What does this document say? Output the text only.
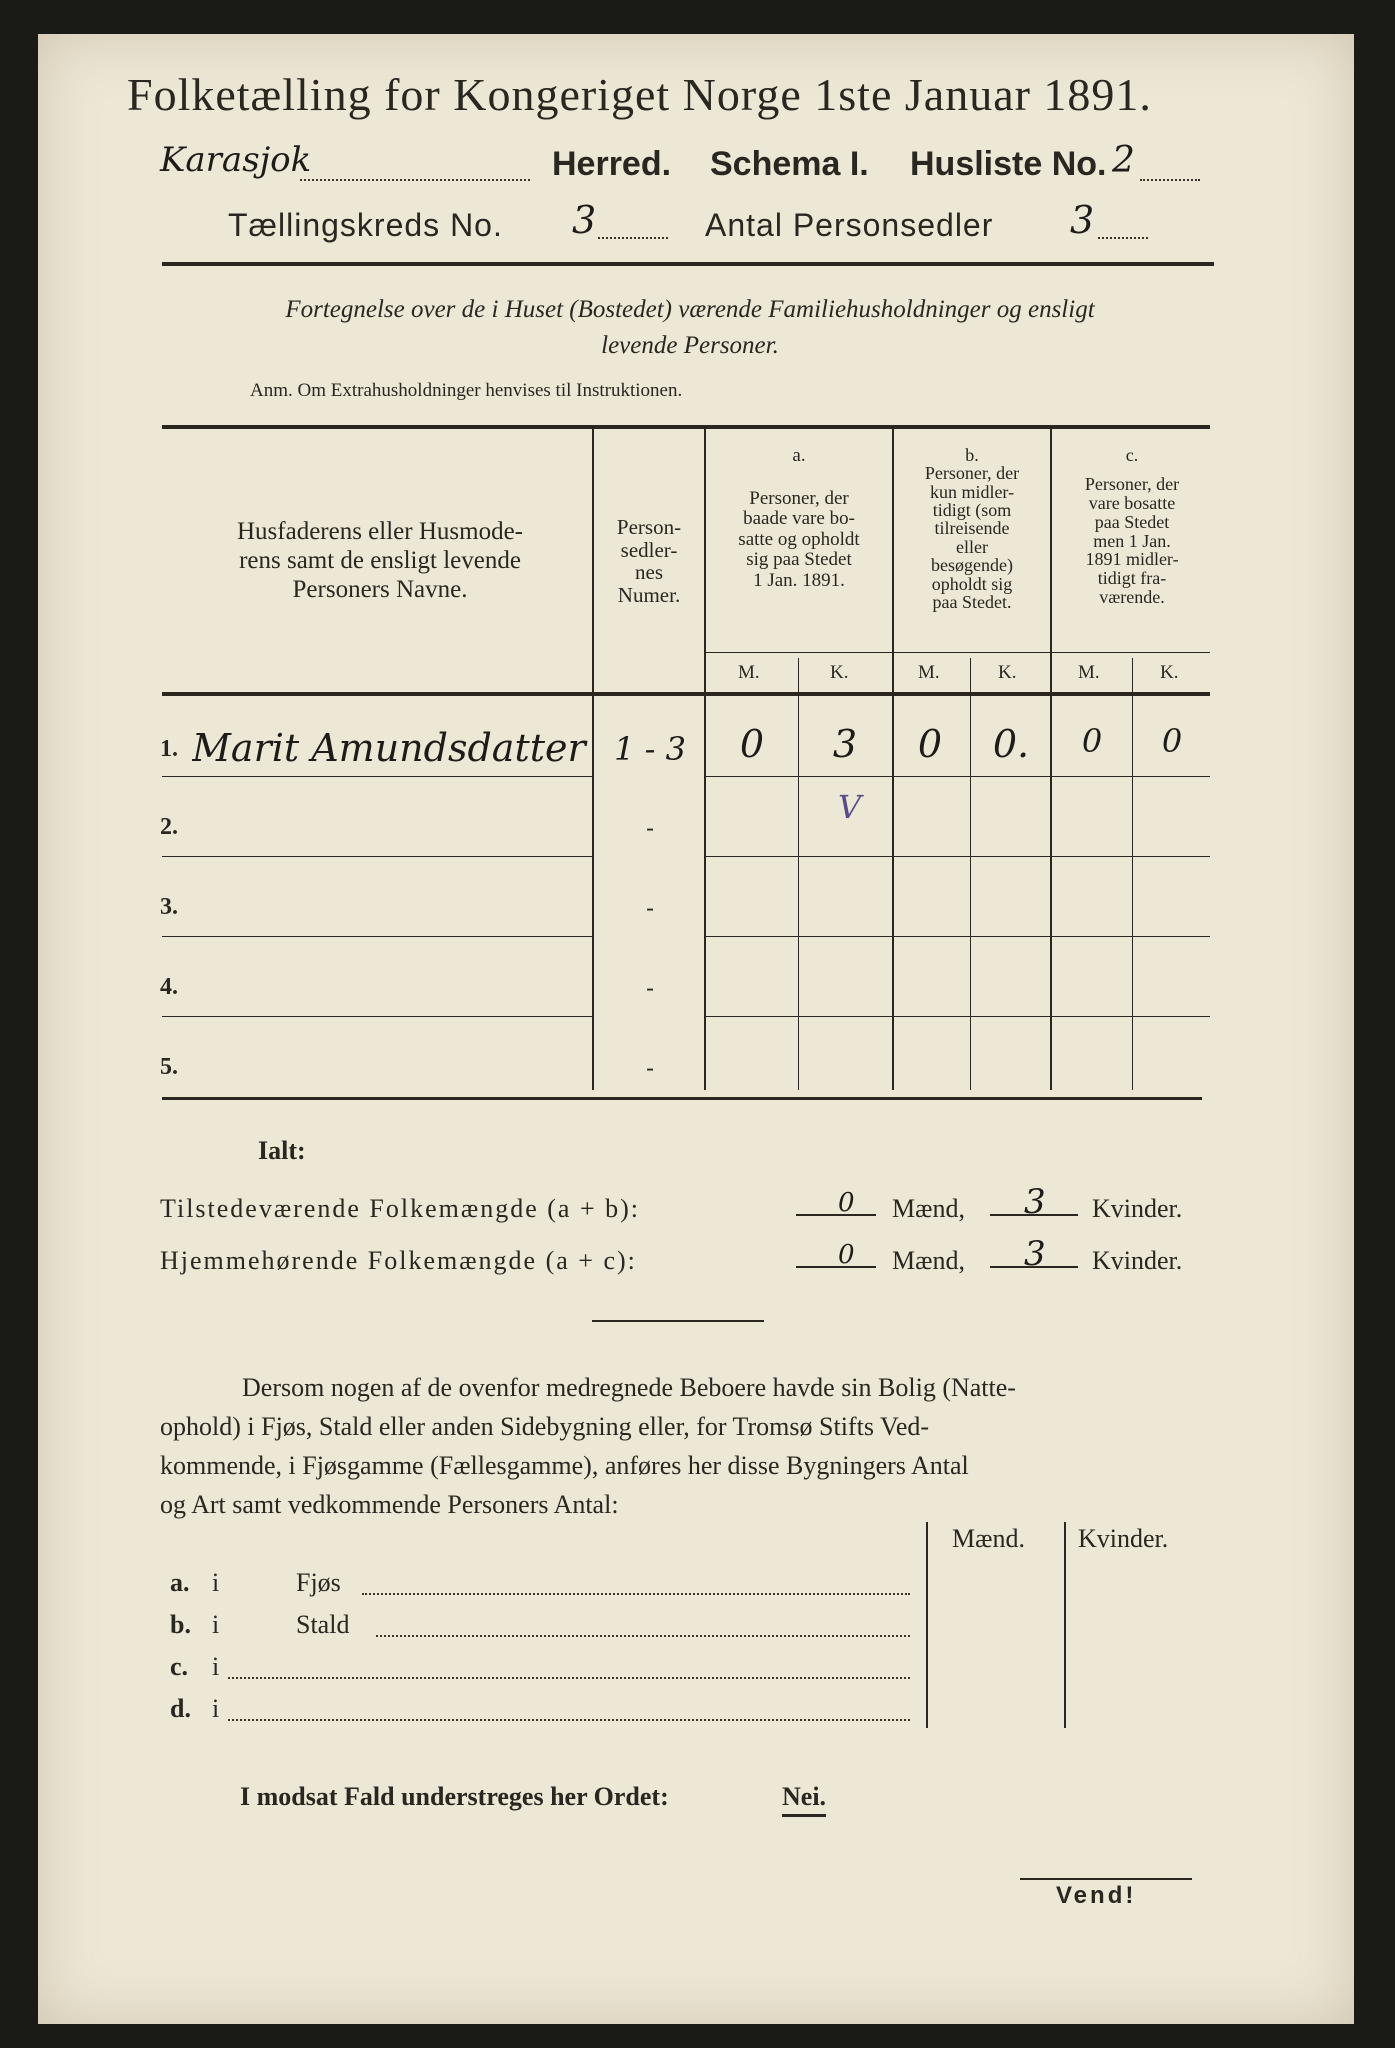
Folketælling for Kongeriget Norge 1ste Januar 1891.
Karasjok	Herred. Schema I. Husliste No. 2
Tællingskreds No. 3	Antal Personsedler 3
Fortegnelse over de i Huset (Bostedet) værende Familiehusholdninger og ensligt
levende Personer.
Anm. Om Extrahusholdninger henvises til Instruktionen.
Husfaderens eller Husmode-
rens samt de ensligt levende
Personers Navne.
Person-
sedler-
nes
Numer.
a.
Personer, der
baade vare bo-
satte og opholdt
sig paa Stedet
1 Jan. 1891.
b.
Personer, der
kun midler-
tidigt (som
tilreisende
eller
besøgende)
opholdt sig
paa Stedet.
c.
Personer, der
vare bosatte
paa Stedet
men 1 Jan.
1891 midler-
tidigt fra-
værende.
M.	K.	M.	K.	M.	K.
1. Marit Amundsdatter 1 - 3	0	3	0	0.	0	0
V
2.	-
3.	-
4.	-
5.	-
Ialt:
Tilstedeværende Folkemængde (a + b):	0 Mænd, 3 Kvinder.
Hjemmehørende Folkemængde (a + c):	0 Mænd, 3 Kvinder.
Dersom nogen af de ovenfor medregnede Beboere havde sin Bolig (Natte-
ophold) i Fjøs, Stald eller anden Sidebygning eller, for Tromsø Stifts Ved-
kommende, i Fjøsgamme (Fællesgamme), anføres her disse Bygningers Antal
og Art samt vedkommende Personers Antal:
Mænd. Kvinder.
a. i	Fjøs
b. i	Stald
c. i
d. i
I modsat Fald understreges her Ordet:	Nei.
Vend!
